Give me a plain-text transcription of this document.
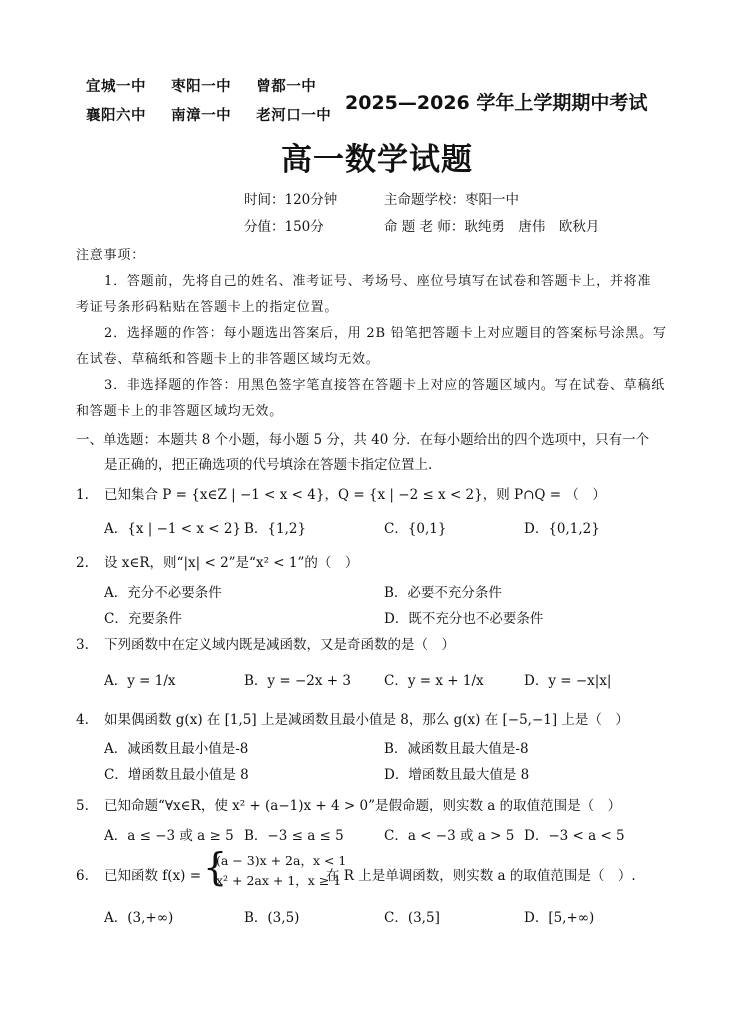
宜城一中 枣阳一中 曾都一中
襄阳六中 南漳一中 老河口一中
2025—2026 学年上学期期中考试
高一数学试题
时间：120分钟	主命题学校：枣阳一中
分值：150分	命 题 老 师：耿纯勇　唐伟　欧秋月
注意事项：
1．答题前，先将自己的姓名、准考证号、考场号、座位号填写在试卷和答题卡上，并将准
考证号条形码粘贴在答题卡上的指定位置。
2．选择题的作答：每小题选出答案后，用 2B 铅笔把答题卡上对应题目的答案标号涂黑。写
在试卷、草稿纸和答题卡上的非答题区域均无效。
3．非选择题的作答：用黑色签字笔直接答在答题卡上对应的答题区域内。写在试卷、草稿纸
和答题卡上的非答题区域均无效。
一、单选题：本题共 8 个小题，每小题 5 分，共 40 分．在每小题给出的四个选项中，只有一个
是正确的，把正确选项的代号填涂在答题卡指定位置上.
1. 已知集合 P = {x∈Z | −1 < x < 4}，Q = {x | −2 ≤ x < 2}，则 P∩Q = （　）
A．{x | −1 < x < 2} B．{1,2}	C．{0,1}	D．{0,1,2}
2. 设 x∈R，则“|x| < 2”是“x² < 1”的（　）
A．充分不必要条件	B．必要不充分条件
C．充要条件	D．既不充分也不必要条件
3. 下列函数中在定义域内既是减函数，又是奇函数的是（　）
A．y = 1/x	B．y = −2x + 3 C．y = x + 1/x	D．y = −x|x|
4. 如果偶函数 g(x) 在 [1,5] 上是减函数且最小值是 8，那么 g(x) 在 [−5,−1] 上是（　）
A．减函数且最小值是-8	B．减函数且最大值是-8
C．增函数且最小值是 8	D．增函数且最大值是 8
5. 已知命题“∀x∈R，使 x² + (a−1)x + 4 > 0”是假命题，则实数 a 的取值范围是（　）
A．a ≤ −3 或 a ≥ 5 B．−3 ≤ a ≤ 5	C．a < −3 或 a > 5 D．−3 < a < 5
6. 已知函数 f(x) = {
(a − 3)x + 2a，x < 1
x² + 2ax + 1，x ≥ 1
在 R 上是单调函数，则实数 a 的取值范围是（　）.
A．(3,+∞)	B．(3,5)	C．(3,5]	D．[5,+∞)
